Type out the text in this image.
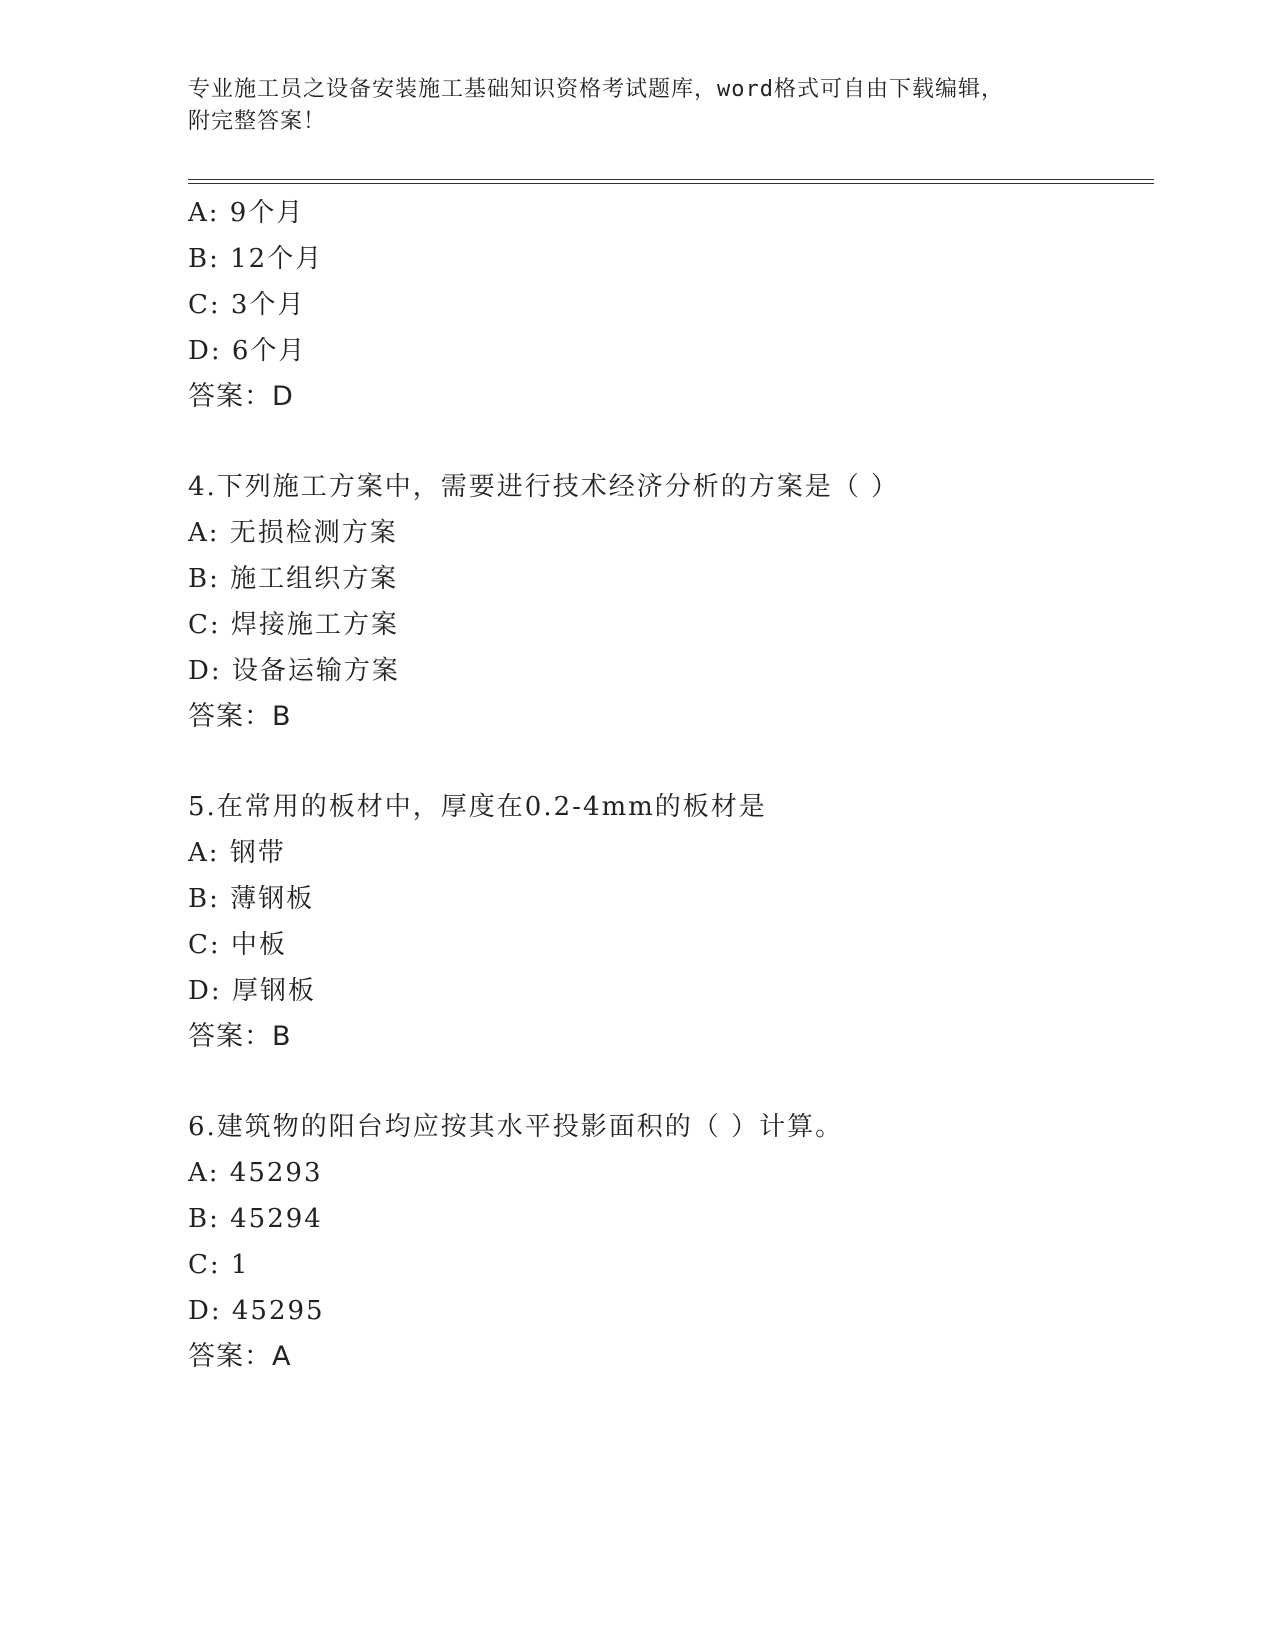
专业施工员之设备安装施工基础知识资格考试题库，word格式可自由下载编辑，
附完整答案！
A: 9个月
B: 12个月
C: 3个月
D: 6个月
答案：D
4.下列施工方案中，需要进行技术经济分析的方案是（ ）
A: 无损检测方案
B: 施工组织方案
C: 焊接施工方案
D: 设备运输方案
答案：B
5.在常用的板材中，厚度在0.2-4mm的板材是
A: 钢带
B: 薄钢板
C: 中板
D: 厚钢板
答案：B
6.建筑物的阳台均应按其水平投影面积的（ ）计算。
A: 45293
B: 45294
C: 1
D: 45295
答案：A
